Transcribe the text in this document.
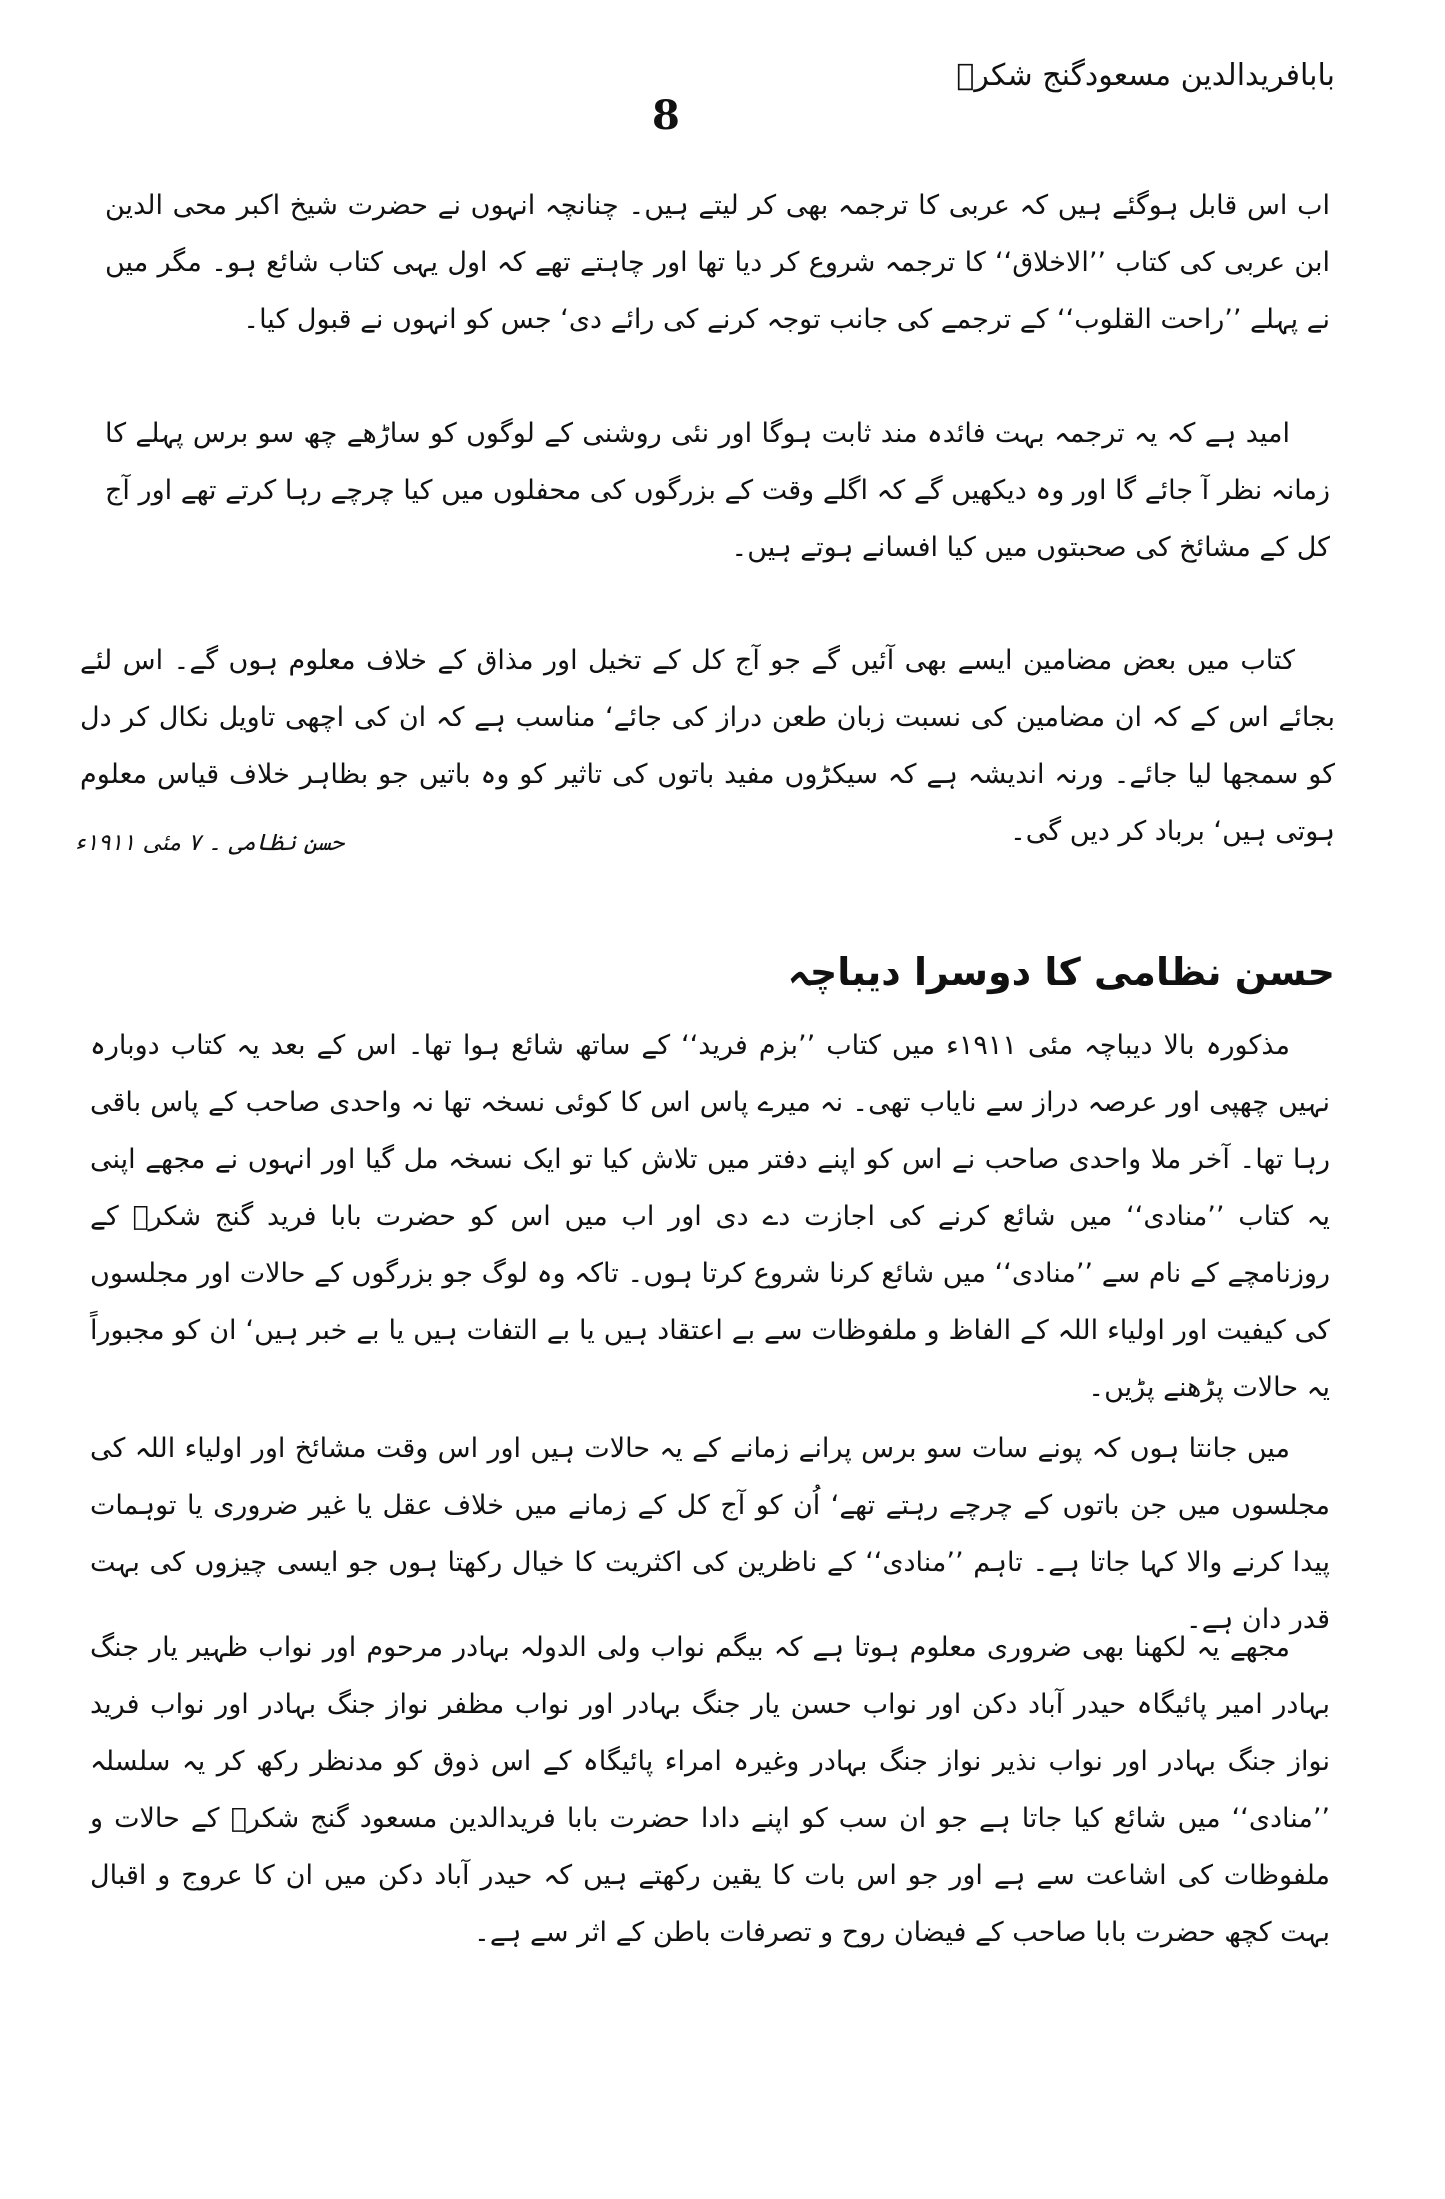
بابافریدالدین مسعودگنج شکرؒ
8

اب اس قابل ہوگئے ہیں کہ عربی کا ترجمہ بھی کر لیتے ہیں۔ چنانچہ انہوں نے حضرت شیخ اکبر محی الدین ابن عربی کی کتاب ’’الاخلاق‘‘ کا ترجمہ شروع کر دیا تھا اور چاہتے تھے کہ اول یہی کتاب شائع ہو۔ مگر میں نے پہلے ’’راحت القلوب‘‘ کے ترجمے کی جانب توجہ کرنے کی رائے دی‘ جس کو انہوں نے قبول کیا۔

امید ہے کہ یہ ترجمہ بہت فائدہ مند ثابت ہوگا اور نئی روشنی کے لوگوں کو ساڑھے چھ سو برس پہلے کا زمانہ نظر آ جائے گا اور وہ دیکھیں گے کہ اگلے وقت کے بزرگوں کی محفلوں میں کیا چرچے رہا کرتے تھے اور آج کل کے مشائخ کی صحبتوں میں کیا افسانے ہوتے ہیں۔

کتاب میں بعض مضامین ایسے بھی آئیں گے جو آج کل کے تخیل اور مذاق کے خلاف معلوم ہوں گے۔ اس لئے بجائے اس کے کہ ان مضامین کی نسبت زبان طعن دراز کی جائے‘ مناسب ہے کہ ان کی اچھی تاویل نکال کر دل کو سمجھا لیا جائے۔ ورنہ اندیشہ ہے کہ سیکڑوں مفید باتوں کی تاثیر کو وہ باتیں جو بظاہر خلاف قیاس معلوم ہوتی ہیں‘ برباد کر دیں گی۔

حسن نظامی ۔ ۷ مئی ۱۹۱۱ء
حسن نظامی کا دوسرا دیباچہ

مذکورہ بالا دیباچہ مئی ۱۹۱۱ء میں کتاب ’’بزم فرید‘‘ کے ساتھ شائع ہوا تھا۔ اس کے بعد یہ کتاب دوبارہ نہیں چھپی اور عرصہ دراز سے نایاب تھی۔ نہ میرے پاس اس کا کوئی نسخہ تھا نہ واحدی صاحب کے پاس باقی رہا تھا۔ آخر ملا واحدی صاحب نے اس کو اپنے دفتر میں تلاش کیا تو ایک نسخہ مل گیا اور انہوں نے مجھے اپنی یہ کتاب ’’منادی‘‘ میں شائع کرنے کی اجازت دے دی اور اب میں اس کو حضرت بابا فرید گنج شکرؒ کے روزنامچے کے نام سے ’’منادی‘‘ میں شائع کرنا شروع کرتا ہوں۔ تاکہ وہ لوگ جو بزرگوں کے حالات اور مجلسوں کی کیفیت اور اولیاء اللہ کے الفاظ و ملفوظات سے بے اعتقاد ہیں یا بے التفات ہیں یا بے خبر ہیں‘ ان کو مجبوراً یہ حالات پڑھنے پڑیں۔

میں جانتا ہوں کہ پونے سات سو برس پرانے زمانے کے یہ حالات ہیں اور اس وقت مشائخ اور اولیاء اللہ کی مجلسوں میں جن باتوں کے چرچے رہتے تھے‘ اُن کو آج کل کے زمانے میں خلاف عقل یا غیر ضروری یا توہمات پیدا کرنے والا کہا جاتا ہے۔ تاہم ’’منادی‘‘ کے ناظرین کی اکثریت کا خیال رکھتا ہوں جو ایسی چیزوں کی بہت قدر دان ہے۔

مجھے یہ لکھنا بھی ضروری معلوم ہوتا ہے کہ بیگم نواب ولی الدولہ بہادر مرحوم اور نواب ظہیر یار جنگ بہادر امیر پائیگاہ حیدر آباد دکن اور نواب حسن یار جنگ بہادر اور نواب مظفر نواز جنگ بہادر اور نواب فرید نواز جنگ بہادر اور نواب نذیر نواز جنگ بہادر وغیرہ امراء پائیگاہ کے اس ذوق کو مدنظر رکھ کر یہ سلسلہ ’’منادی‘‘ میں شائع کیا جاتا ہے جو ان سب کو اپنے دادا حضرت بابا فریدالدین مسعود گنج شکرؒ کے حالات و ملفوظات کی اشاعت سے ہے اور جو اس بات کا یقین رکھتے ہیں کہ حیدر آباد دکن میں ان کا عروج و اقبال بہت کچھ حضرت بابا صاحب کے فیضان روح و تصرفات باطن کے اثر سے ہے۔
